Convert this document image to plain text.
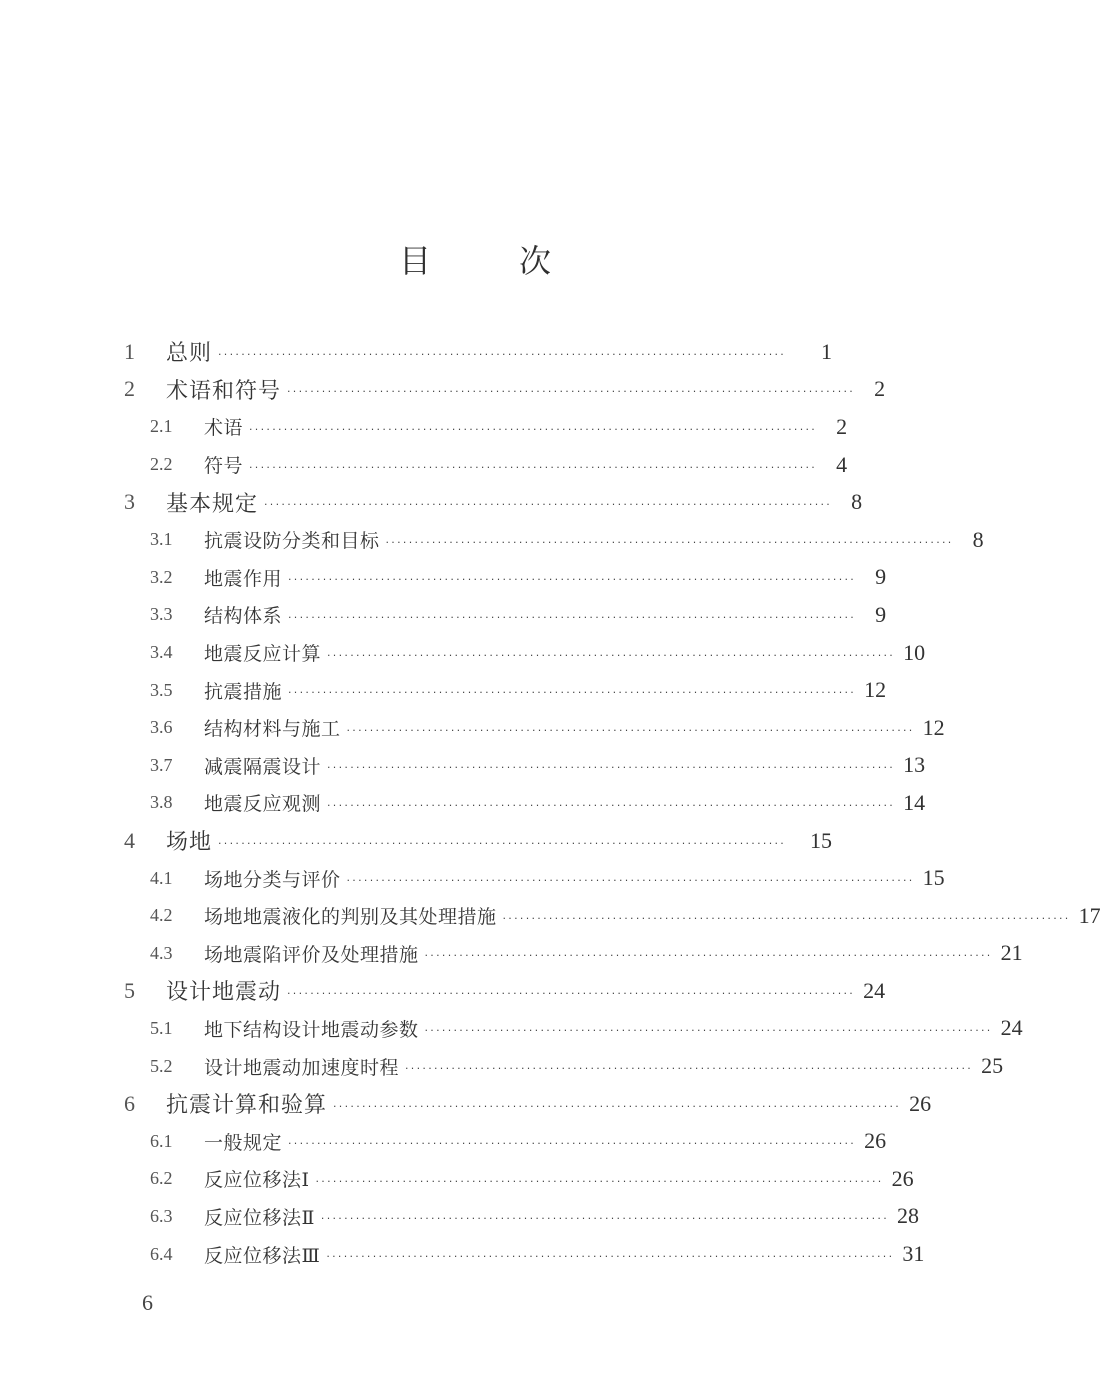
目	次
1	总则 ··································································································	1
2	术语和符号 ·································································································· 2
2.1	术语 ·································································································· 2
2.2	符号 ·································································································· 4
3	基本规定 ·································································································· 8
3.1	抗震设防分类和目标 ·································································································· 8
3.2	地震作用 ·································································································· 9
3.3	结构体系 ·································································································· 9
3.4	地震反应计算 ·································································································· 10
3.5	抗震措施 ·································································································· 12
3.6	结构材料与施工 ·································································································· 12
3.7	减震隔震设计 ·································································································· 13
3.8	地震反应观测 ·································································································· 14
4	场地 ··································································································	15
4.1	场地分类与评价 ·································································································· 15
4.2	场地地震液化的判别及其处理措施 ·································································································· 17
4.3	场地震陷评价及处理措施 ·································································································· 21
5	设计地震动 ·································································································· 24
5.1	地下结构设计地震动参数 ·································································································· 24
5.2	设计地震动加速度时程 ·································································································· 25
6	抗震计算和验算 ·································································································· 26
6.1	一般规定 ·································································································· 26
6.2	反应位移法Ⅰ ·································································································· 26
6.3	反应位移法Ⅱ ·································································································· 28
6.4	反应位移法Ⅲ ·································································································· 31
6
